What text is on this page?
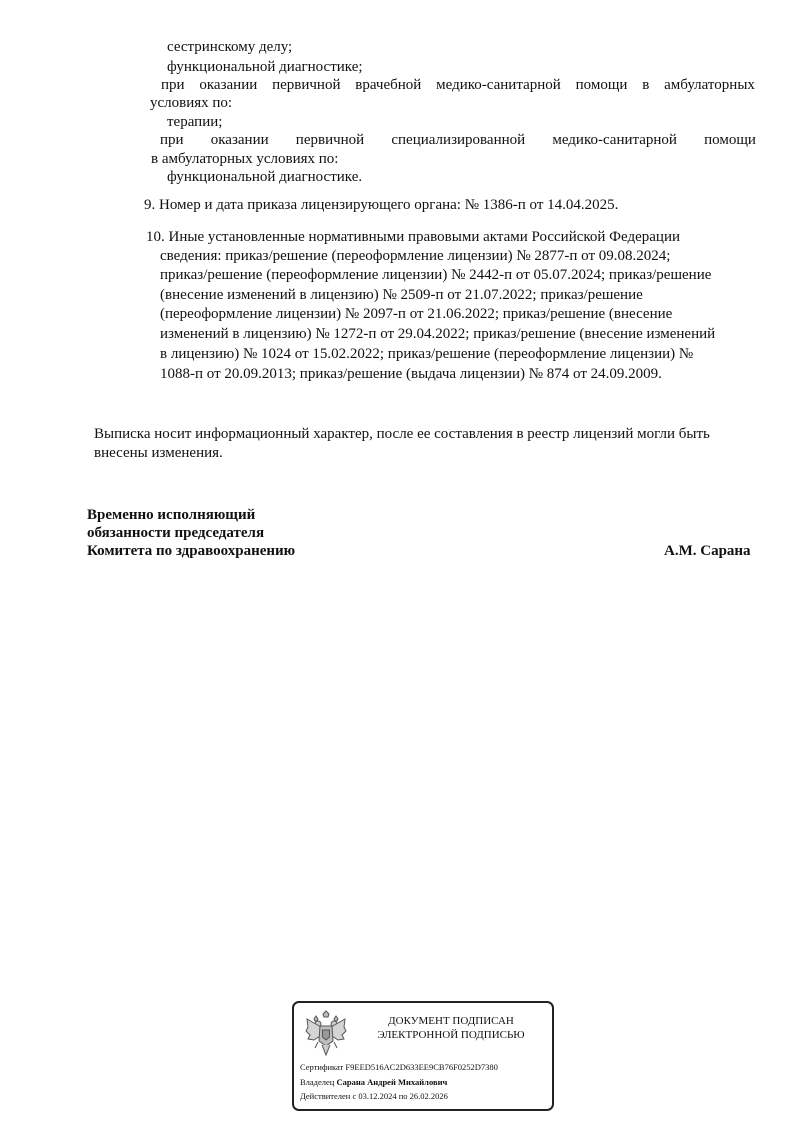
сестринскому делу;
функциональной диагностике;
при оказании первичной врачебной медико-санитарной помощи в амбулаторных
условиях по:
терапии;
при оказании первичной специализированной медико-санитарной помощи
в амбулаторных условиях по:
функциональной диагностике.
9. Номер и дата приказа лицензирующего органа: № 1386-п от 14.04.2025.
10. Иные установленные нормативными правовыми актами Российской Федерации
сведения: приказ/решение (переоформление лицензии) № 2877-п от 09.08.2024;
приказ/решение (переоформление лицензии) № 2442-п от 05.07.2024; приказ/решение
(внесение изменений в лицензию) № 2509-п от 21.07.2022; приказ/решение
(переоформление лицензии) № 2097-п от 21.06.2022; приказ/решение (внесение
изменений в лицензию) № 1272-п от 29.04.2022; приказ/решение (внесение изменений
в лицензию) № 1024 от 15.02.2022; приказ/решение (переоформление лицензии) №
1088-п от 20.09.2013; приказ/решение (выдача лицензии) № 874 от 24.09.2009.
Выписка носит информационный характер, после ее составления в реестр лицензий могли быть
внесены изменения.
Временно исполняющий
обязанности председателя
Комитета по здравоохранению	А.М. Сарана
ДОКУМЕНТ ПОДПИСАН
ЭЛЕКТРОННОЙ ПОДПИСЬЮ
Сертификат F9EED516AC2D633EE9CB76F0252D7380
Владелец Сарана Андрей Михайлович
Действителен с 03.12.2024 по 26.02.2026
